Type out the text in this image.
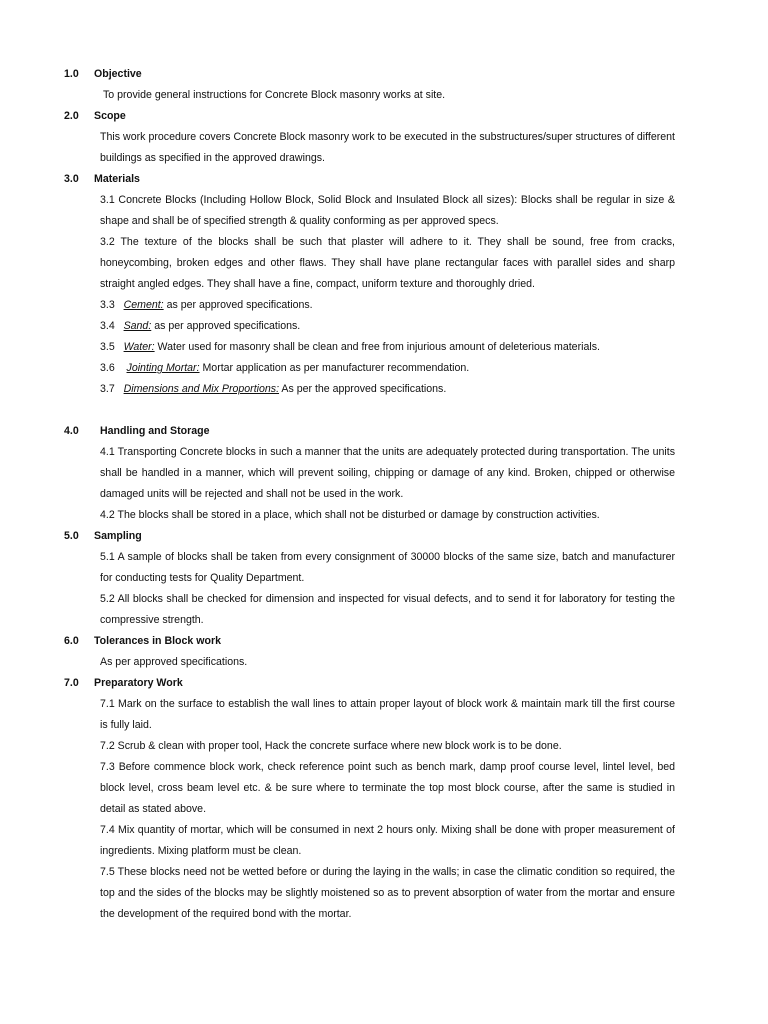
1.0 Objective
To provide general instructions for Concrete Block masonry works at site.
2.0 Scope
This work procedure covers Concrete Block masonry work to be executed in the substructures/super structures of different
buildings as specified in the approved drawings.
3.0 Materials
3.1 Concrete Blocks (Including Hollow Block, Solid Block and Insulated Block all sizes): Blocks shall be regular in size &
shape and shall be of specified strength & quality conforming as per approved specs.
3.2 The texture of the blocks shall be such that plaster will adhere to it. They shall be sound, free from cracks,
honeycombing, broken edges and other flaws. They shall have plane rectangular faces with parallel sides and sharp
straight angled edges. They shall have a fine, compact, uniform texture and thoroughly dried.
3.3 Cement: as per approved specifications.
3.4 Sand: as per approved specifications.
3.5 Water: Water used for masonry shall be clean and free from injurious amount of deleterious materials.
3.6 Jointing Mortar: Mortar application as per manufacturer recommendation.
3.7 Dimensions and Mix Proportions: As per the approved specifications.
4.0 Handling and Storage
4.1 Transporting Concrete blocks in such a manner that the units are adequately protected during transportation. The units
shall be handled in a manner, which will prevent soiling, chipping or damage of any kind. Broken, chipped or otherwise
damaged units will be rejected and shall not be used in the work.
4.2 The blocks shall be stored in a place, which shall not be disturbed or damage by construction activities.
5.0 Sampling
5.1 A sample of blocks shall be taken from every consignment of 30000 blocks of the same size, batch and manufacturer
for conducting tests for Quality Department.
5.2 All blocks shall be checked for dimension and inspected for visual defects, and to send it for laboratory for testing the
compressive strength.
6.0 Tolerances in Block work
As per approved specifications.
7.0 Preparatory Work
7.1 Mark on the surface to establish the wall lines to attain proper layout of block work & maintain mark till the first course
is fully laid.
7.2 Scrub & clean with proper tool, Hack the concrete surface where new block work is to be done.
7.3 Before commence block work, check reference point such as bench mark, damp proof course level, lintel level, bed
block level, cross beam level etc. & be sure where to terminate the top most block course, after the same is studied in
detail as stated above.
7.4 Mix quantity of mortar, which will be consumed in next 2 hours only. Mixing shall be done with proper measurement of
ingredients. Mixing platform must be clean.
7.5 These blocks need not be wetted before or during the laying in the walls; in case the climatic condition so required, the
top and the sides of the blocks may be slightly moistened so as to prevent absorption of water from the mortar and ensure
the development of the required bond with the mortar.
